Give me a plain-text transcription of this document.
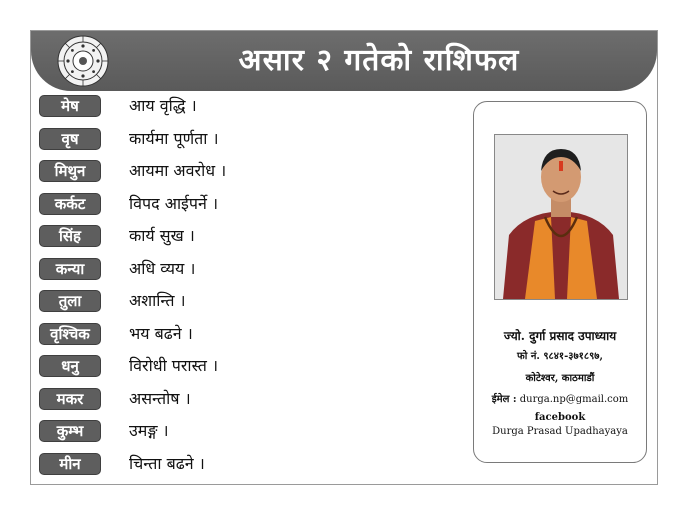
असार २ गतेको राशिफल
मेष	आय वृद्धि ।
वृष	कार्यमा पूर्णता ।
मिथुन	आयमा अवरोध ।
कर्कट	विपद आईपर्ने ।
सिंह	कार्य सुख ।
कन्या	अधि व्यय ।
तुला	अशान्ति ।
वृश्चिक	भय बढने ।
धनु	विरोधी परास्त ।
मकर	असन्तोष ।
कुम्भ	उमङ्ग ।
मीन	चिन्ता बढने ।
ज्यो. दुर्गा प्रसाद उपाध्याय
फो नं. ९८४१-३७१८९७,
कोटेश्वर, काठमाडौं
ईमेल : durga.np@gmail.com
facebook
Durga Prasad Upadhayaya
